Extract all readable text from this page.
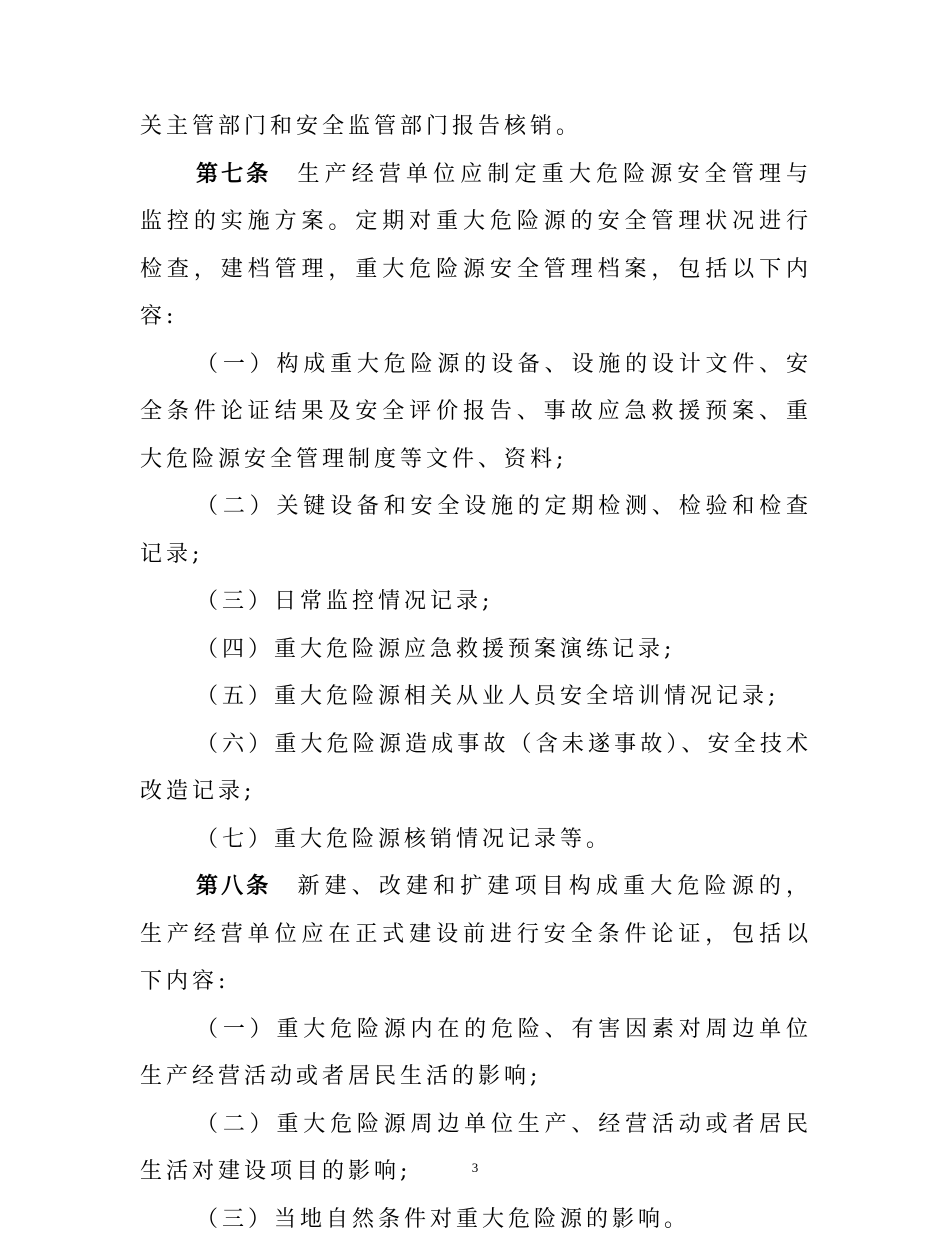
关主管部门和安全监管部门报告核销。

第七条 生产经营单位应制定重大危险源安全管理与监控的实施方案。定期对重大危险源的安全管理状况进行检查，建档管理，重大危险源安全管理档案，包括以下内容:

（一）构成重大危险源的设备、设施的设计文件、安全条件论证结果及安全评价报告、事故应急救援预案、重大危险源安全管理制度等文件、资料;

（二）关键设备和安全设施的定期检测、检验和检查记录;

（三）日常监控情况记录;

（四）重大危险源应急救援预案演练记录;

（五）重大危险源相关从业人员安全培训情况记录;

（六）重大危险源造成事故（含未遂事故）、安全技术改造记录;

（七）重大危险源核销情况记录等。

第八条 新建、改建和扩建项目构成重大危险源的，生产经营单位应在正式建设前进行安全条件论证，包括以下内容:

（一）重大危险源内在的危险、有害因素对周边单位生产经营活动或者居民生活的影响;

（二）重大危险源周边单位生产、经营活动或者居民生活对建设项目的影响;

（三）当地自然条件对重大危险源的影响。

3
